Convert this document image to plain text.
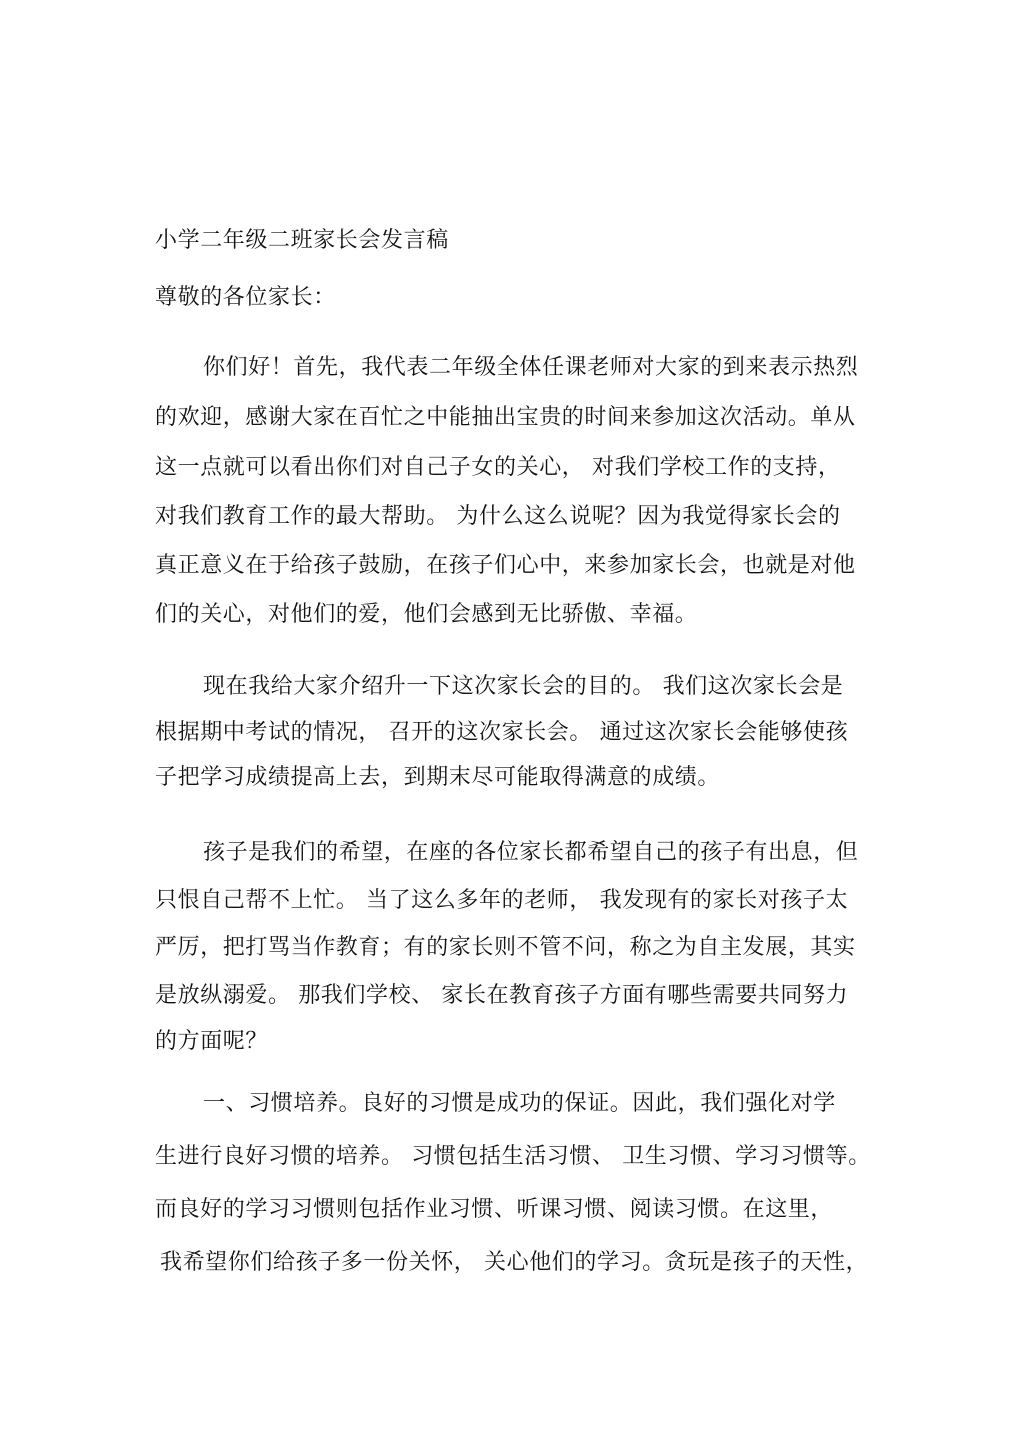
小学二年级二班家长会发言稿
尊敬的各位家长：
你们好！首先，我代表二年级全体任课老师对大家的到来表示热烈
的欢迎，感谢大家在百忙之中能抽出宝贵的时间来参加这次活动。单从
这一点就可以看出你们对自己子女的关心， 对我们学校工作的支持，
对我们教育工作的最大帮助。 为什么这么说呢？因为我觉得家长会的
真正意义在于给孩子鼓励，在孩子们心中，来参加家长会，也就是对他
们的关心，对他们的爱，他们会感到无比骄傲、幸福。
现在我给大家介绍升一下这次家长会的目的。 我们这次家长会是
根据期中考试的情况， 召开的这次家长会。 通过这次家长会能够使孩
子把学习成绩提高上去，到期末尽可能取得满意的成绩。
孩子是我们的希望，在座的各位家长都希望自己的孩子有出息，但
只恨自己帮不上忙。 当了这么多年的老师， 我发现有的家长对孩子太
严厉，把打骂当作教育；有的家长则不管不问，称之为自主发展，其实
是放纵溺爱。 那我们学校、 家长在教育孩子方面有哪些需要共同努力
的方面呢？
一、习惯培养。良好的习惯是成功的保证。因此，我们强化对学
生进行良好习惯的培养。 习惯包括生活习惯、 卫生习惯、学习习惯等。
而良好的学习习惯则包括作业习惯、听课习惯、阅读习惯。在这里，
我希望你们给孩子多一份关怀， 关心他们的学习。贪玩是孩子的天性，
